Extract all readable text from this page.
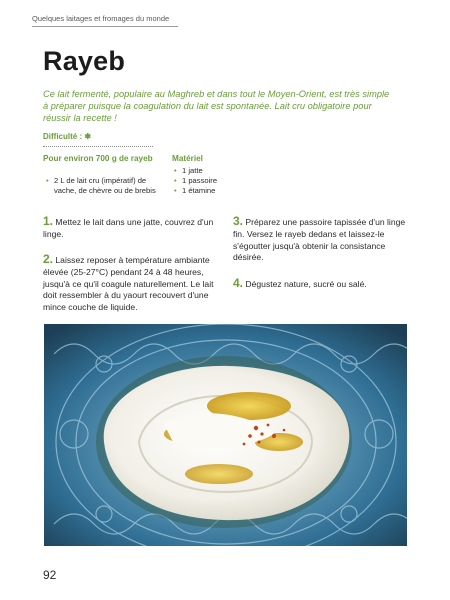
Quelques laitages et fromages du monde
Rayeb
Ce lait fermenté, populaire au Maghreb et dans tout le Moyen-Orient, est très simple à préparer puisque la coagulation du lait est spontanée. Lait cru obligatoire pour réussir la recette !
Difficulté : ✱
Pour environ 700 g de rayeb
• 2 L de lait cru (impératif) de vache, de chèvre ou de brebis
Matériel
• 1 jatte
• 1 passoire
• 1 étamine
1. Mettez le lait dans une jatte, couvrez d'un linge.
2. Laissez reposer à température ambiante élevée (25-27°C) pendant 24 à 48 heures, jusqu'à ce qu'il coagule naturellement. Le lait doit ressembler à du yaourt recouvert d'une mince couche de liquide.
3. Préparez une passoire tapissée d'un linge fin. Versez le rayeb dedans et laissez-le s'égoutter jusqu'à obtenir la consistance désirée.
4. Dégustez nature, sucré ou salé.
92
